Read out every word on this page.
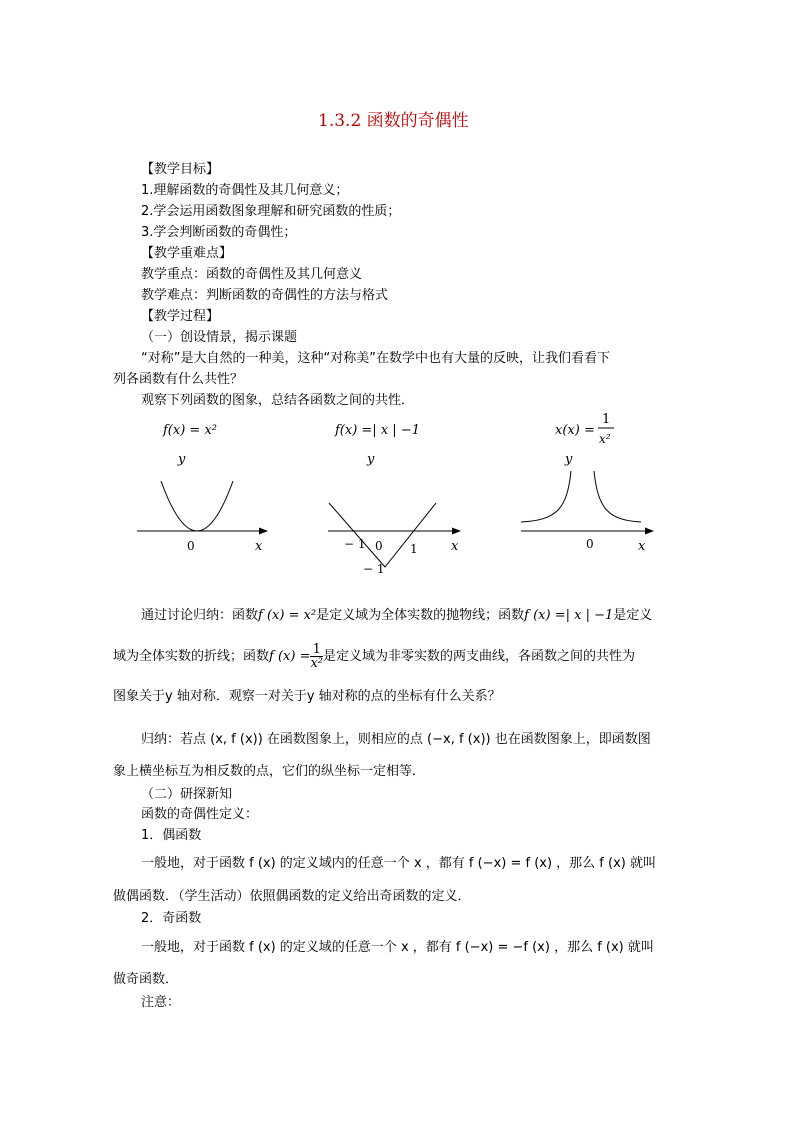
1.3.2 函数的奇偶性
【教学目标】
1.理解函数的奇偶性及其几何意义；
2.学会运用函数图象理解和研究函数的性质；
3.学会判断函数的奇偶性；
【教学重难点】
教学重点：函数的奇偶性及其几何意义
教学难点：判断函数的奇偶性的方法与格式
【教学过程】
（一）创设情景，揭示课题
“对称”是大自然的一种美，这种“对称美”在数学中也有大量的反映，让我们看看下
列各函数有什么共性？
观察下列函数的图象，总结各函数之间的共性．
f(x) = x²
y
0	x
f(x) =| x | −1
y
− 1 0 1
− 1
x
x(x) =
1
x²
y
0	x
通过讨论归纳：函数f (x) = x²是定义域为全体实数的抛物线；函数f (x) =| x | −1是定义
域为全体实数的折线；函数f $(x) = \frac{1}{\text{x²}}$ 是定义域为非零实数的两支曲线，各函数之间的共性为
图象关于y 轴对称．观察一对关于y 轴对称的点的坐标有什么关系？
归纳：若点 (x, f (x)) 在函数图象上，则相应的点 (−x, f (x)) 也在函数图象上，即函数图
象上横坐标互为相反数的点，它们的纵坐标一定相等．
（二）研探新知
函数的奇偶性定义：
1．偶函数
一般地，对于函数 f (x) 的定义域内的任意一个 x ，都有 f (−x) = f (x) ，那么 f (x) 就叫
做偶函数．（学生活动）依照偶函数的定义给出奇函数的定义．
2．奇函数
一般地，对于函数 f (x) 的定义域的任意一个 x ，都有 f (−x) = −f (x) ，那么 f (x) 就叫
做奇函数．
注意：
